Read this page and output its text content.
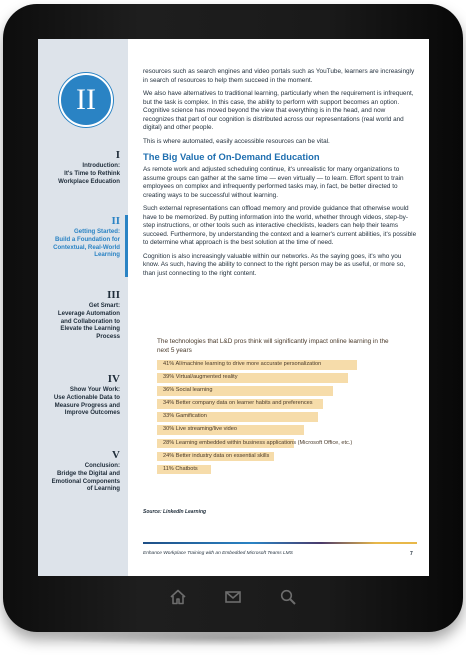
II
I
Introduction:
It's Time to Rethink
Workplace Education
II
Getting Started:
Build a Foundation for
Contextual, Real-World
Learning
III
Get Smart:
Leverage Automation
and Collaboration to
Elevate the Learning
Process
IV
Show Your Work:
Use Actionable Data to
Measure Progress and
Improve Outcomes
V
Conclusion:
Bridge the Digital and
Emotional Components
of Learning

resources such as search engines and video portals such as YouTube, learners are increasingly in search of resources to help them succeed in the moment.

We also have alternatives to traditional learning, particularly when the requirement is infrequent, but the task is complex. In this case, the ability to perform with support becomes an option. Cognitive science has moved beyond the view that everything is in the head, and now recognizes that part of our cognition is distributed across our representations (real world and digital) and other people.

This is where automated, easily accessible resources can be vital.

The Big Value of On-Demand Education

As remote work and adjusted scheduling continue, it's unrealistic for many organizations to assume groups can gather at the same time — even virtually — to learn. Effort spent to train employees on complex and infrequently performed tasks may, in fact, be better directed to creating ways to be successful without learning.

Such external representations can offload memory and provide guidance that otherwise would have to be memorized. By putting information into the world, whether through videos, step-by-step instructions, or other tools such as interactive checklists, leaders can help their teams succeed. Furthermore, by understanding the context and a learner's current abilities, it's possible to determine what approach is the best solution at the time of need.

Cognition is also increasingly valuable within our networks. As the saying goes, it's who you know. As such, having the ability to connect to the right person may be as useful, or more so, than just connecting to the right content.

The technologies that L&D pros think will significantly impact online learning in the next 5 years
41% AI/machine learning to drive more accurate personalization
39% Virtual/augmented reality
36% Social learning
34% Better company data on learner habits and preferences
33% Gamification
30% Live streaming/live video
28% Learning embedded within business applications (Microsoft Office, etc.)
24% Better industry data on essential skills
11% Chatbots
Source: LinkedIn Learning
Enhance Workplace Training with an Embedded Microsoft Teams LMS	7
